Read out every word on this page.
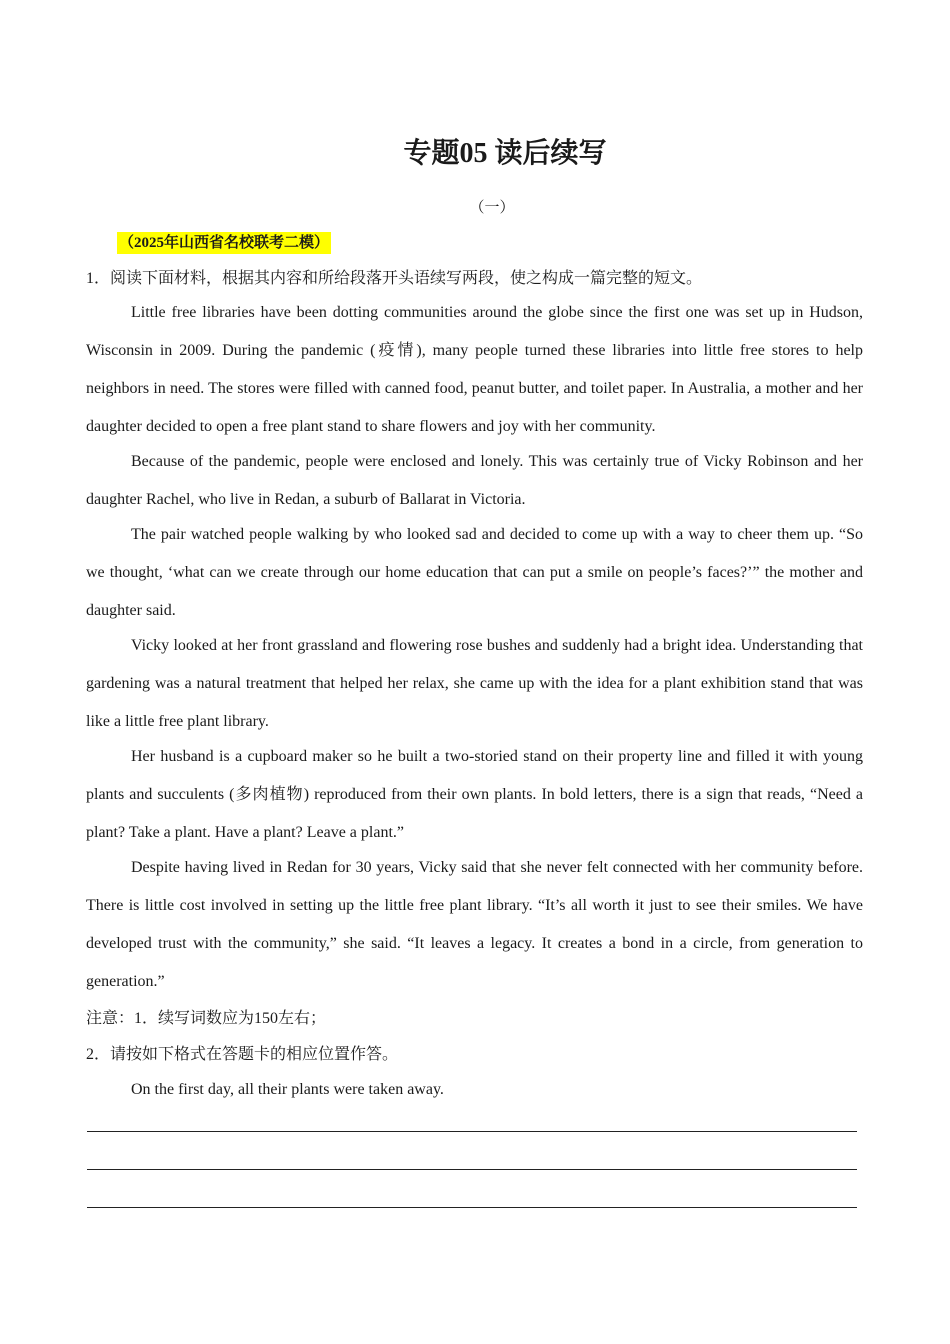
专题05 读后续写
（一）
（2025年山西省名校联考二模）
1．阅读下面材料，根据其内容和所给段落开头语续写两段，使之构成一篇完整的短文。

Little free libraries have been dotting communities around the globe since the first one was set up in Hudson, Wisconsin in 2009. During the pandemic (疫情), many people turned these libraries into little free stores to help neighbors in need. The stores were filled with canned food, peanut butter, and toilet paper. In Australia, a mother and her daughter decided to open a free plant stand to share flowers and joy with her community.

Because of the pandemic, people were enclosed and lonely. This was certainly true of Vicky Robinson and her daughter Rachel, who live in Redan, a suburb of Ballarat in Victoria.

The pair watched people walking by who looked sad and decided to come up with a way to cheer them up. “So we thought, ‘what can we create through our home education that can put a smile on people’s faces?’” the mother and daughter said.

Vicky looked at her front grassland and flowering rose bushes and suddenly had a bright idea. Understanding that gardening was a natural treatment that helped her relax, she came up with the idea for a plant exhibition stand that was like a little free plant library.

Her husband is a cupboard maker so he built a two-storied stand on their property line and filled it with young plants and succulents (多肉植物) reproduced from their own plants. In bold letters, there is a sign that reads, “Need a plant? Take a plant. Have a plant? Leave a plant.”

Despite having lived in Redan for 30 years, Vicky said that she never felt connected with her community before. There is little cost involved in setting up the little free plant library. “It’s all worth it just to see their smiles. We have developed trust with the community,” she said. “It leaves a legacy. It creates a bond in a circle, from generation to generation.”

注意：1．续写词数应为150左右；
2．请按如下格式在答题卡的相应位置作答。
On the first day, all their plants were taken away.
